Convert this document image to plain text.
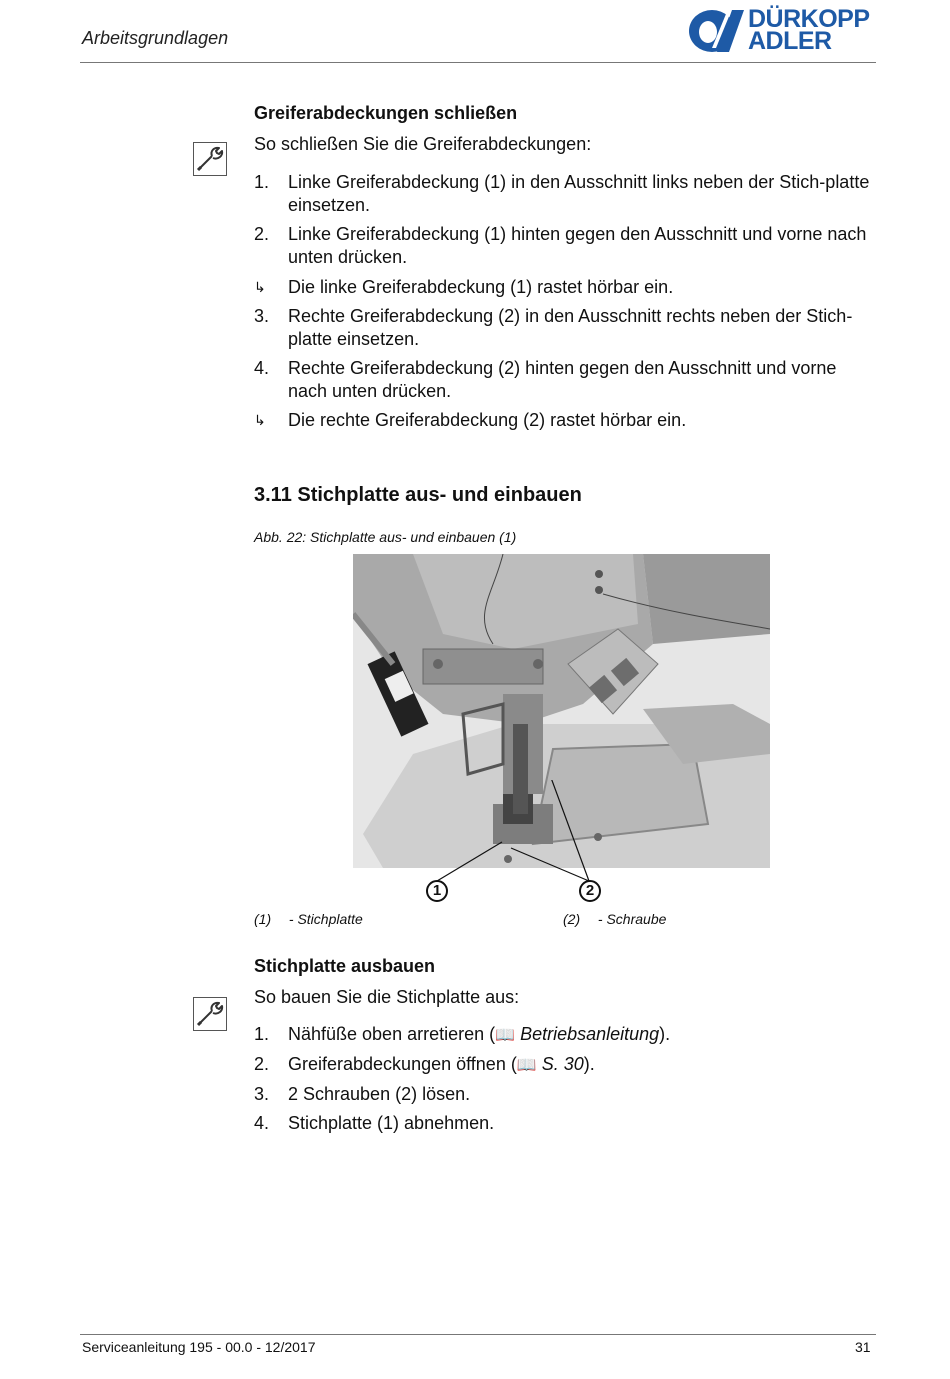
Arbeitsgrundlagen
DÜRKOPP
ADLER
Greiferabdeckungen schließen
So schließen Sie die Greiferabdeckungen:
1.	Linke Greiferabdeckung (1) in den Ausschnitt links neben der Stich-platte einsetzen.
2.	Linke Greiferabdeckung (1) hinten gegen den Ausschnitt und vorne nach unten drücken.
↳	Die linke Greiferabdeckung (1) rastet hörbar ein.
3.	Rechte Greiferabdeckung (2) in den Ausschnitt rechts neben der Stich-platte einsetzen.
4.	Rechte Greiferabdeckung (2) hinten gegen den Ausschnitt und vorne nach unten drücken.
↳	Die rechte Greiferabdeckung (2) rastet hörbar ein.
3.11 Stichplatte aus- und einbauen
Abb. 22: Stichplatte aus- und einbauen (1)
1	2
(1) - Stichplatte	(2) - Schraube
Stichplatte ausbauen
So bauen Sie die Stichplatte aus:
1.	Nähfüße oben arretieren (📖 Betriebsanleitung).
2.	Greiferabdeckungen öffnen (📖 S. 30).
3.	2 Schrauben (2) lösen.
4.	Stichplatte (1) abnehmen.
Serviceanleitung 195 - 00.0 - 12/2017	31
